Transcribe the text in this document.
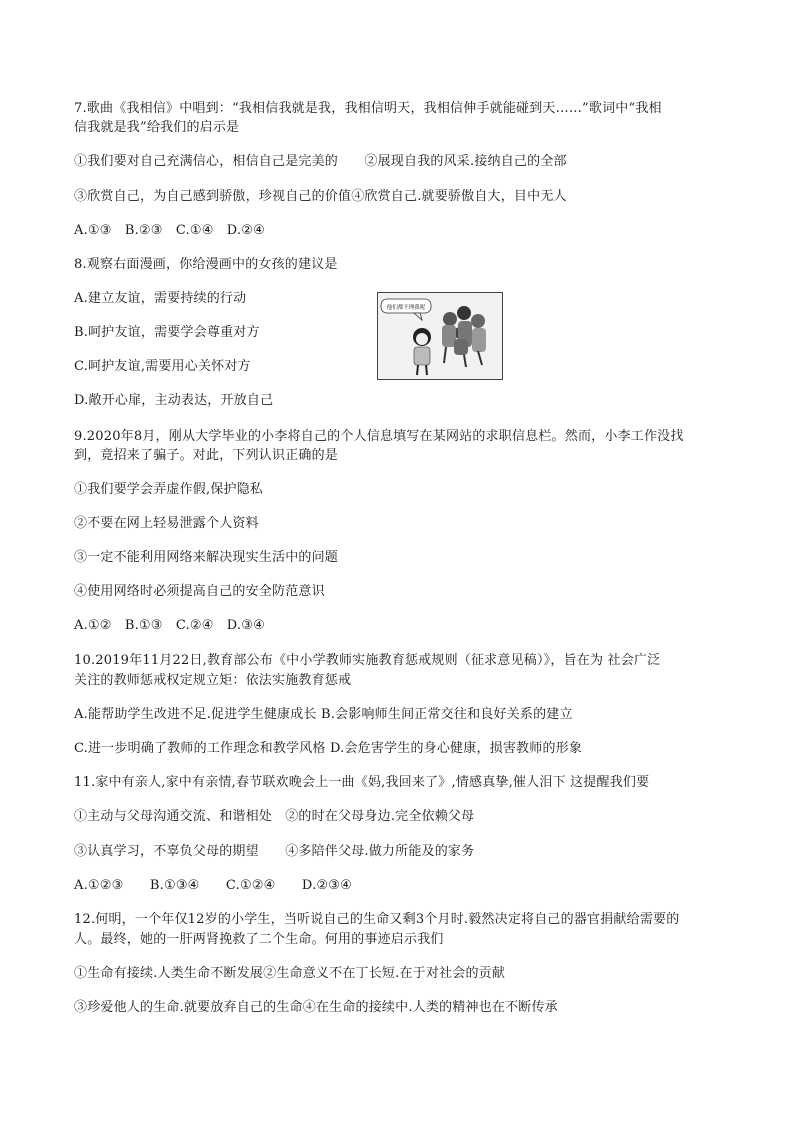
7.歌曲《我相信》中唱到：“我相信我就是我，我相信明天，我相信伸手就能碰到天……”歌词中“我相
信我就是我”给我们的启示是
①我们要对自己充满信心，相信自己是完美的　　②展现自我的风采.接纳自己的全部
③欣赏自己，为自己感到骄傲，珍视自己的价值④欣赏自己.就要骄傲自大，目中无人
A.①③　B.②③　C.①④　D.②④
8.观察右面漫画，你给漫画中的女孩的建议是
A.建立友谊，需要持续的行动
B.呵护友谊，需要学会尊重对方
C.呵护友谊,需要用心关怀对方
D.敞开心扉，主动表达，开放自己
他们都不理我呢
9.2020年8月，刚从大学毕业的小李将自己的个人信息填写在某网站的求职信息栏。然而，小李工作没找
到，竟招来了骗子。对此，下列认识正确的是
①我们要学会弄虚作假,保护隐私
②不要在网上轻易泄露个人资料
③一定不能利用网络来解决现实生活中的问题
④使用网络时必须提高自己的安全防范意识
A.①②　B.①③　C.②④　D.③④
10.2019年11月22日,教育部公布《中小学教师实施教育惩戒规则（征求意见稿）》，旨在为 社会广泛
关注的教师惩戒权定规立矩：依法实施教育惩戒
A.能帮助学生改进不足.促进学生健康成长 B.会影响师生间正常交往和良好关系的建立
C.进一步明确了教师的工作理念和教学风格 D.会危害学生的身心健康，损害教师的形象
11.家中有亲人,家中有亲情,春节联欢晚会上一曲《妈,我回来了》,情感真挚,催人泪下 这提醒我们要
①主动与父母沟通交流、和谐相处　②的时在父母身边.完全依赖父母
③认真学习，不辜负父母的期望　　④多陪伴父母.做力所能及的家务
A.①②③　　B.①③④　　C.①②④　　D.②③④
12.何明，一个年仅12岁的小学生，当听说自己的生命又剩3个月时.毅然决定将自己的器官捐献给需要的
人。最终，她的一肝两肾挽救了二个生命。何用的事迹启示我们
①生命有接续.人类生命不断发展②生命意义不在丁长短.在于对社会的贡献
③珍爱他人的生命.就要放弃自己的生命④在生命的接续中.人类的精神也在不断传承
